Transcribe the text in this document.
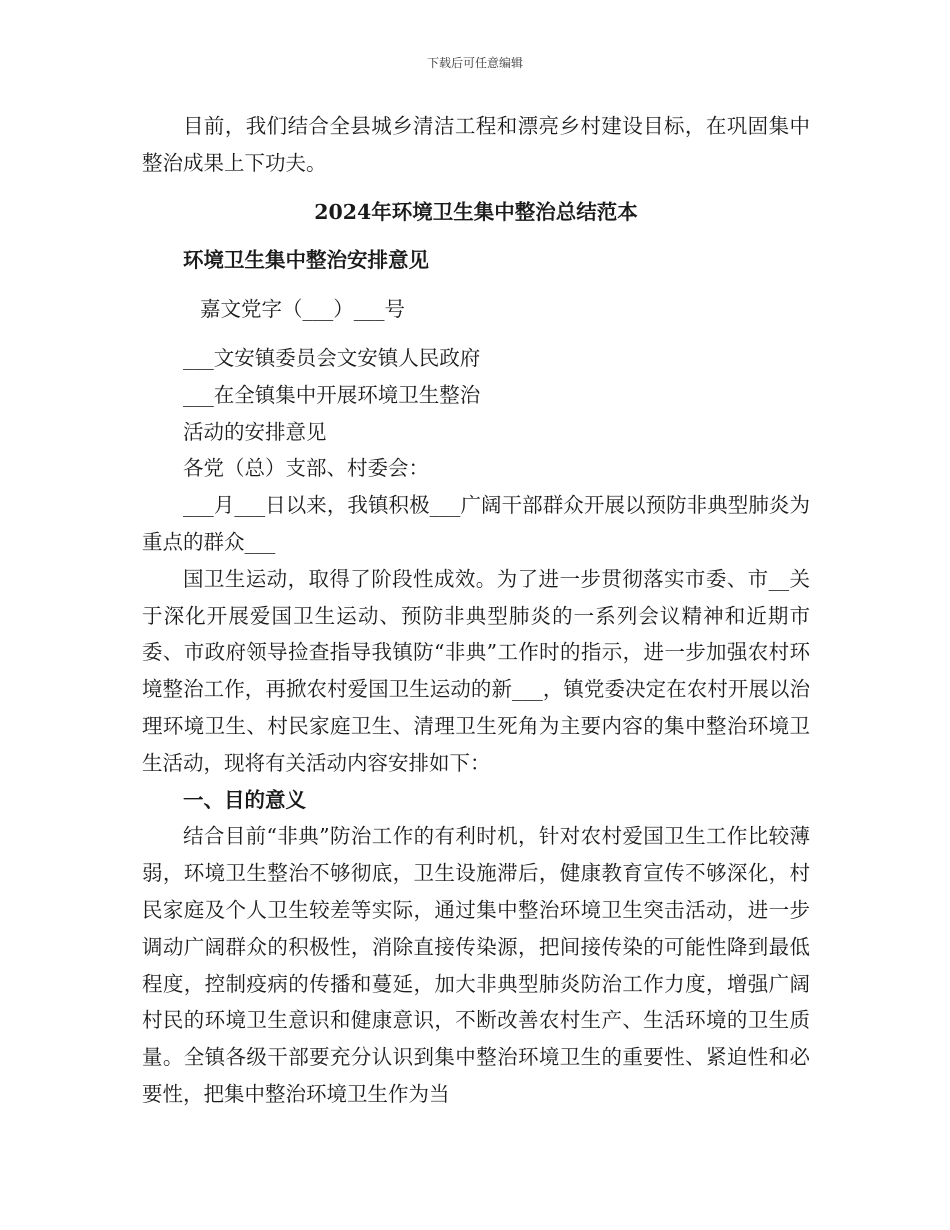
下载后可任意编辑

目前，我们结合全县城乡清洁工程和漂亮乡村建设目标，在巩固集中整治成果上下功夫。

2024年环境卫生集中整治总结范本

环境卫生集中整治安排意见

嘉文党字（___）___号

___文安镇委员会文安镇人民政府

___在全镇集中开展环境卫生整治

活动的安排意见

各党（总）支部、村委会：

___月___日以来，我镇积极___广阔干部群众开展以预防非典型肺炎为重点的群众___

国卫生运动，取得了阶段性成效。为了进一步贯彻落实市委、市__关于深化开展爱国卫生运动、预防非典型肺炎的一系列会议精神和近期市委、市政府领导捡查指导我镇防“非典”工作时的指示，进一步加强农村环境整治工作，再掀农村爱国卫生运动的新___，镇党委决定在农村开展以治理环境卫生、村民家庭卫生、清理卫生死角为主要内容的集中整治环境卫生活动，现将有关活动内容安排如下：

一、目的意义

结合目前“非典”防治工作的有利时机，针对农村爱国卫生工作比较薄弱，环境卫生整治不够彻底，卫生设施滞后，健康教育宣传不够深化，村民家庭及个人卫生较差等实际，通过集中整治环境卫生突击活动，进一步调动广阔群众的积极性，消除直接传染源，把间接传染的可能性降到最低程度，控制疫病的传播和蔓延，加大非典型肺炎防治工作力度，增强广阔村民的环境卫生意识和健康意识，不断改善农村生产、生活环境的卫生质量。全镇各级干部要充分认识到集中整治环境卫生的重要性、紧迫性和必要性，把集中整治环境卫生作为当
